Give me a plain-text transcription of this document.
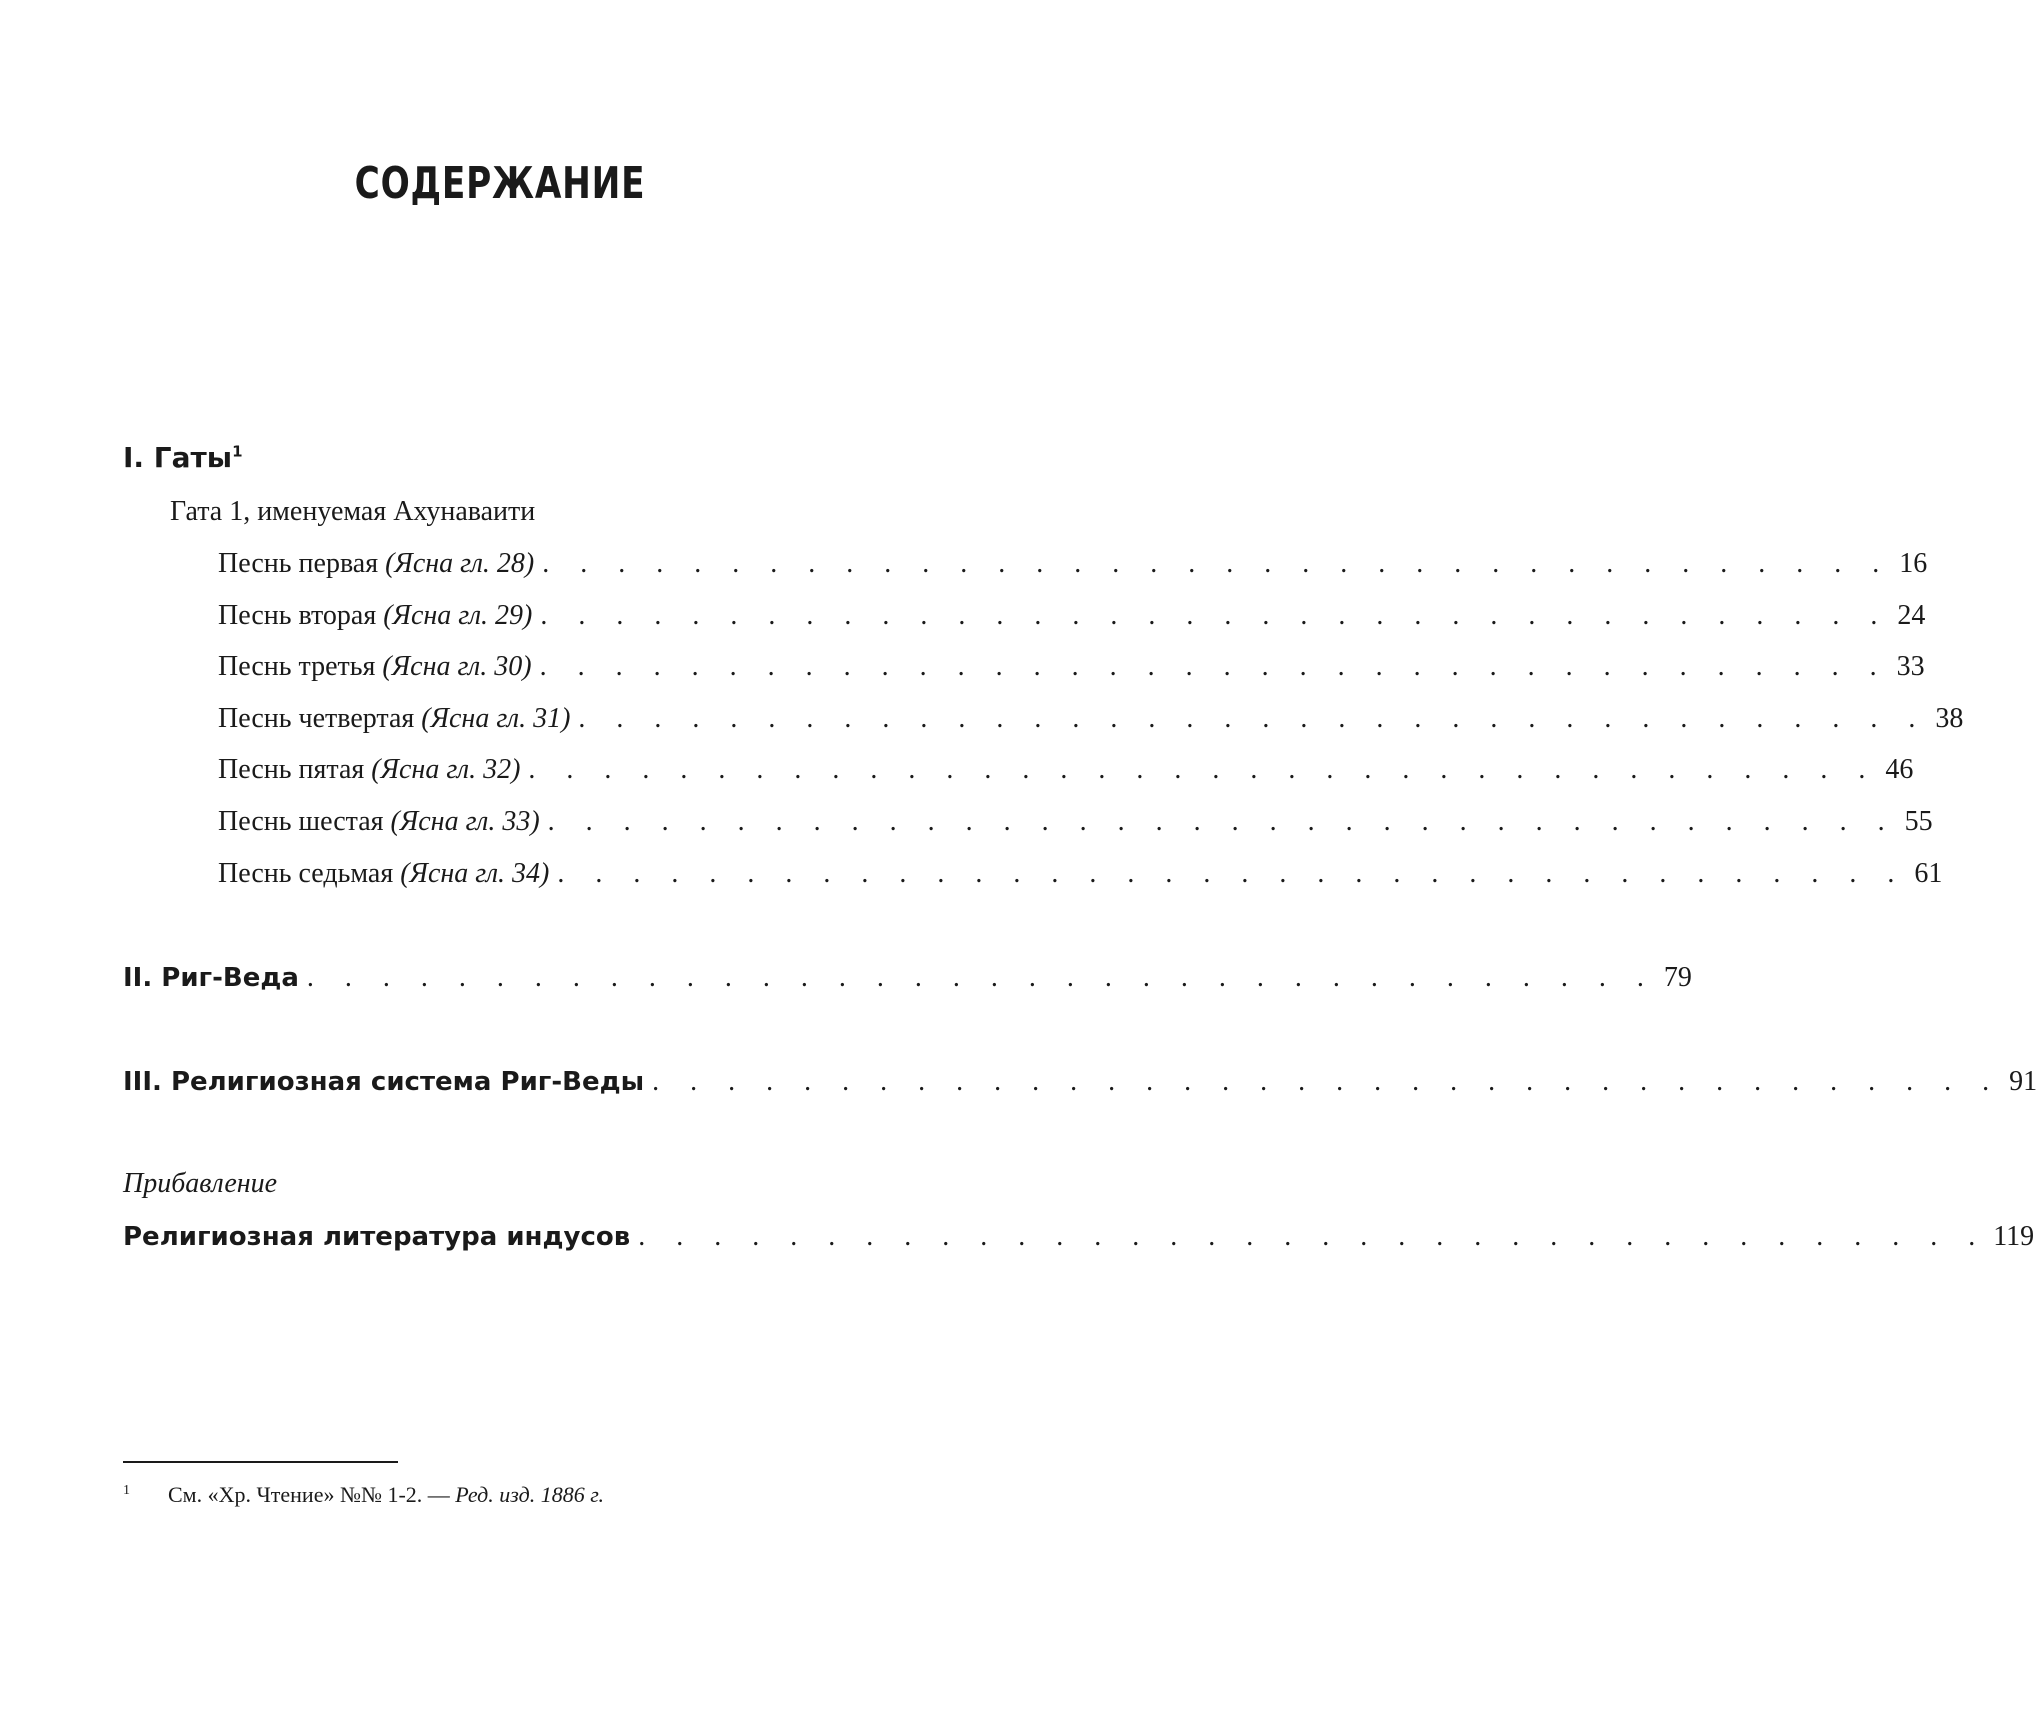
СОДЕРЖАНИЕ
I. Гаты$^1$
Гата 1, именуемая Ахунаваити
Песнь первая (Ясна гл. 28) . . . . . . . . . . . . . . . . . . . . . . . . . . . . . . . . . . . . 16
Песнь вторая (Ясна гл. 29) . . . . . . . . . . . . . . . . . . . . . . . . . . . . . . . . . . . . 24
Песнь третья (Ясна гл. 30) . . . . . . . . . . . . . . . . . . . . . . . . . . . . . . . . . . . . 33
Песнь четвертая (Ясна гл. 31) . . . . . . . . . . . . . . . . . . . . . . . . . . . . . . . . . . . . 38
Песнь пятая (Ясна гл. 32) . . . . . . . . . . . . . . . . . . . . . . . . . . . . . . . . . . . . 46
Песнь шестая (Ясна гл. 33) . . . . . . . . . . . . . . . . . . . . . . . . . . . . . . . . . . . . 55
Песнь седьмая (Ясна гл. 34) . . . . . . . . . . . . . . . . . . . . . . . . . . . . . . . . . . . . 61
II. Риг-Веда . . . . . . . . . . . . . . . . . . . . . . . . . . . . . . . . . . . . 79
III. Религиозная система Риг-Веды . . . . . . . . . . . . . . . . . . . . . . . . . . . . . . . . . . . . 91
Прибавление
Религиозная литература индусов . . . . . . . . . . . . . . . . . . . . . . . . . . . . . . . . . . . . 119
1 См. «Хр. Чтение» №№ 1-2. — Ред. изд. 1886 г.
